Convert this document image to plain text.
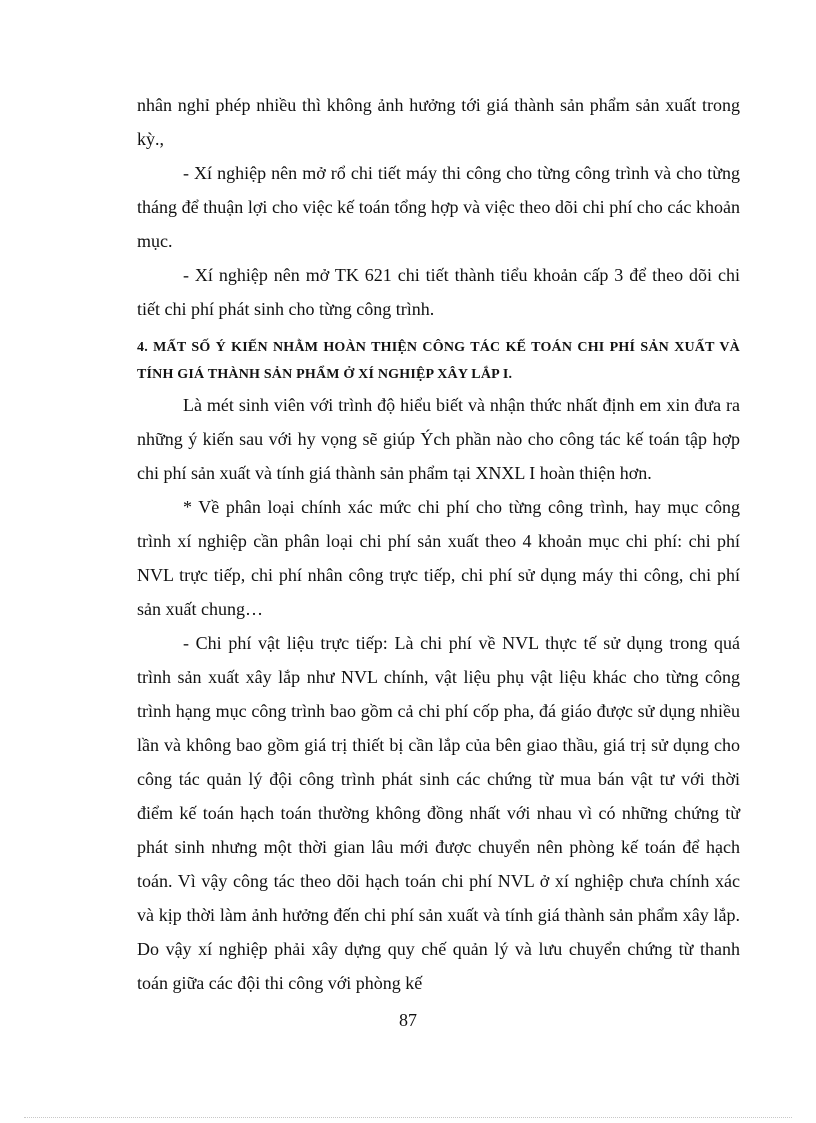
nhân nghỉ phép nhiều thì không ảnh hưởng tới giá thành sản phẩm sản xuất trong kỳ.,

- Xí nghiệp nên mở rổ chi tiết máy thi công cho từng công trình và cho từng tháng để thuận lợi cho việc kế toán tổng hợp và việc theo dõi chi phí cho các khoản mục.

- Xí nghiệp nên mở TK 621 chi tiết thành tiểu khoản cấp 3 để theo dõi chi tiết chi phí phát sinh cho từng công trình.

4. MẤT SỐ Ý KIẾN NHẰM HOÀN THIỆN CÔNG TÁC KẾ TOÁN CHI PHÍ SẢN XUẤT VÀ TÍNH GIÁ THÀNH SẢN PHẨM Ở XÍ NGHIỆP XÂY LẮP I.

Là mét sinh viên với trình độ hiểu biết và nhận thức nhất định em xin đưa ra những ý kiến sau với hy vọng sẽ giúp Ých phần nào cho công tác kế toán tập hợp chi phí sản xuất và tính giá thành sản phẩm tại XNXL I hoàn thiện hơn.

* Về phân loại chính xác mức chi phí cho từng công trình, hay mục công trình xí nghiệp cần phân loại chi phí sản xuất theo 4 khoản mục chi phí: chi phí NVL trực tiếp, chi phí nhân công trực tiếp, chi phí sử dụng máy thi công, chi phí sản xuất chung…

- Chi phí vật liệu trực tiếp: Là chi phí về NVL thực tế sử dụng trong quá trình sản xuất xây lắp như NVL chính, vật liệu phụ vật liệu khác cho từng công trình hạng mục công trình bao gồm cả chi phí cốp pha, đá giáo được sử dụng nhiều lần và không bao gồm giá trị thiết bị cần lắp của bên giao thầu, giá trị sử dụng cho công tác quản lý đội công trình phát sinh các chứng từ mua bán vật tư với thời điểm kế toán hạch toán thường không đồng nhất với nhau vì có những chứng từ phát sinh nhưng một thời gian lâu mới được chuyển nên phòng kế toán để hạch toán. Vì vậy công tác theo dõi hạch toán chi phí NVL ở xí nghiệp chưa chính xác và kịp thời làm ảnh hưởng đến chi phí sản xuất và tính giá thành sản phẩm xây lắp. Do vậy xí nghiệp phải xây dựng quy chế quản lý và lưu chuyển chứng từ thanh toán giữa các đội thi công với phòng kế

87
